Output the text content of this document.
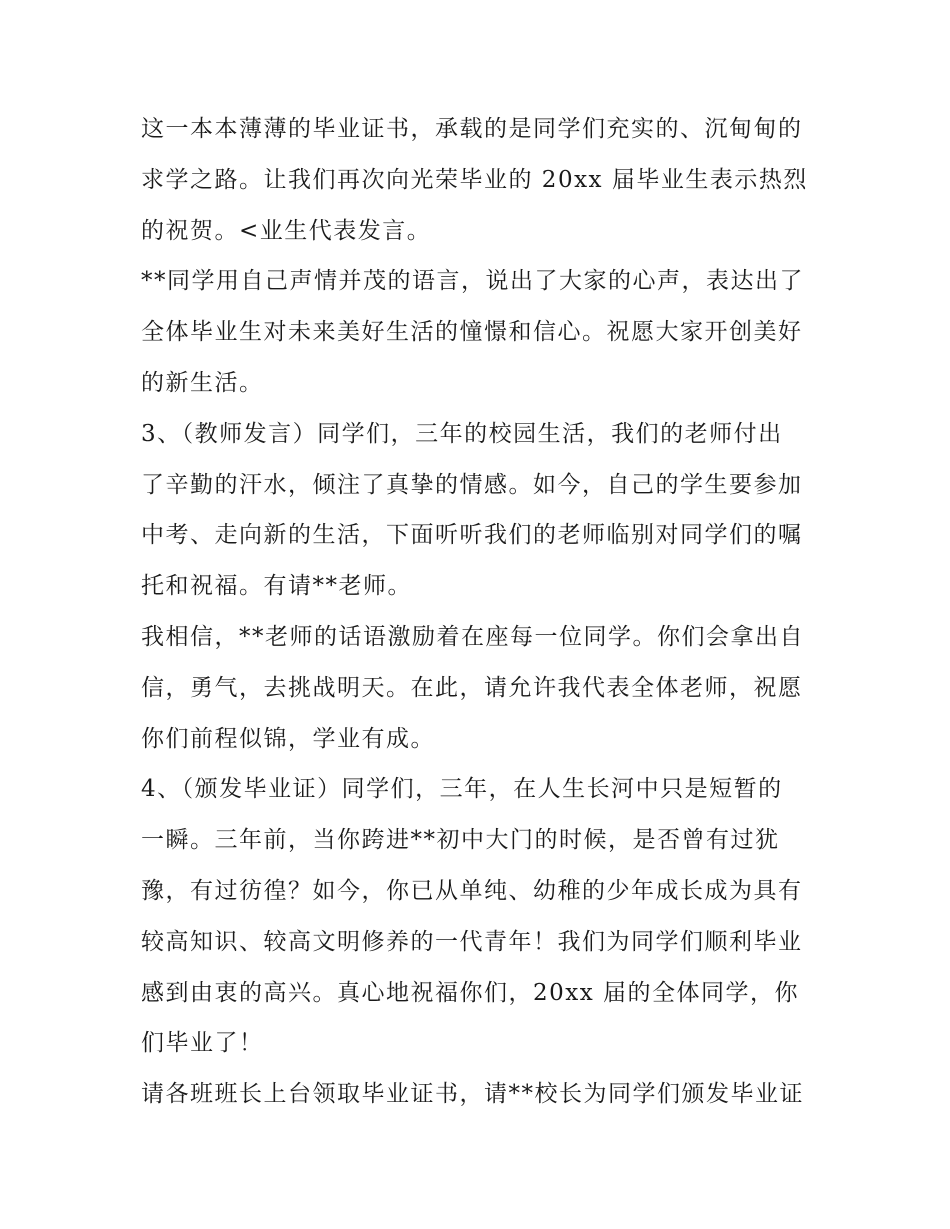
这一本本薄薄的毕业证书，承载的是同学们充实的、沉甸甸的
求学之路。让我们再次向光荣毕业的 20xx 届毕业生表示热烈
的祝贺。<业生代表发言。
**同学用自己声情并茂的语言，说出了大家的心声，表达出了
全体毕业生对未来美好生活的憧憬和信心。祝愿大家开创美好
的新生活。
3、（教师发言）同学们，三年的校园生活，我们的老师付出
了辛勤的汗水，倾注了真挚的情感。如今，自己的学生要参加
中考、走向新的生活，下面听听我们的老师临别对同学们的嘱
托和祝福。有请**老师。
我相信，**老师的话语激励着在座每一位同学。你们会拿出自
信，勇气，去挑战明天。在此，请允许我代表全体老师，祝愿
你们前程似锦，学业有成。
4、（颁发毕业证）同学们，三年，在人生长河中只是短暂的
一瞬。三年前，当你跨进**初中大门的时候，是否曾有过犹
豫，有过彷徨？如今，你已从单纯、幼稚的少年成长成为具有
较高知识、较高文明修养的一代青年！我们为同学们顺利毕业
感到由衷的高兴。真心地祝福你们，20xx 届的全体同学，你
们毕业了！
请各班班长上台领取毕业证书，请**校长为同学们颁发毕业证
